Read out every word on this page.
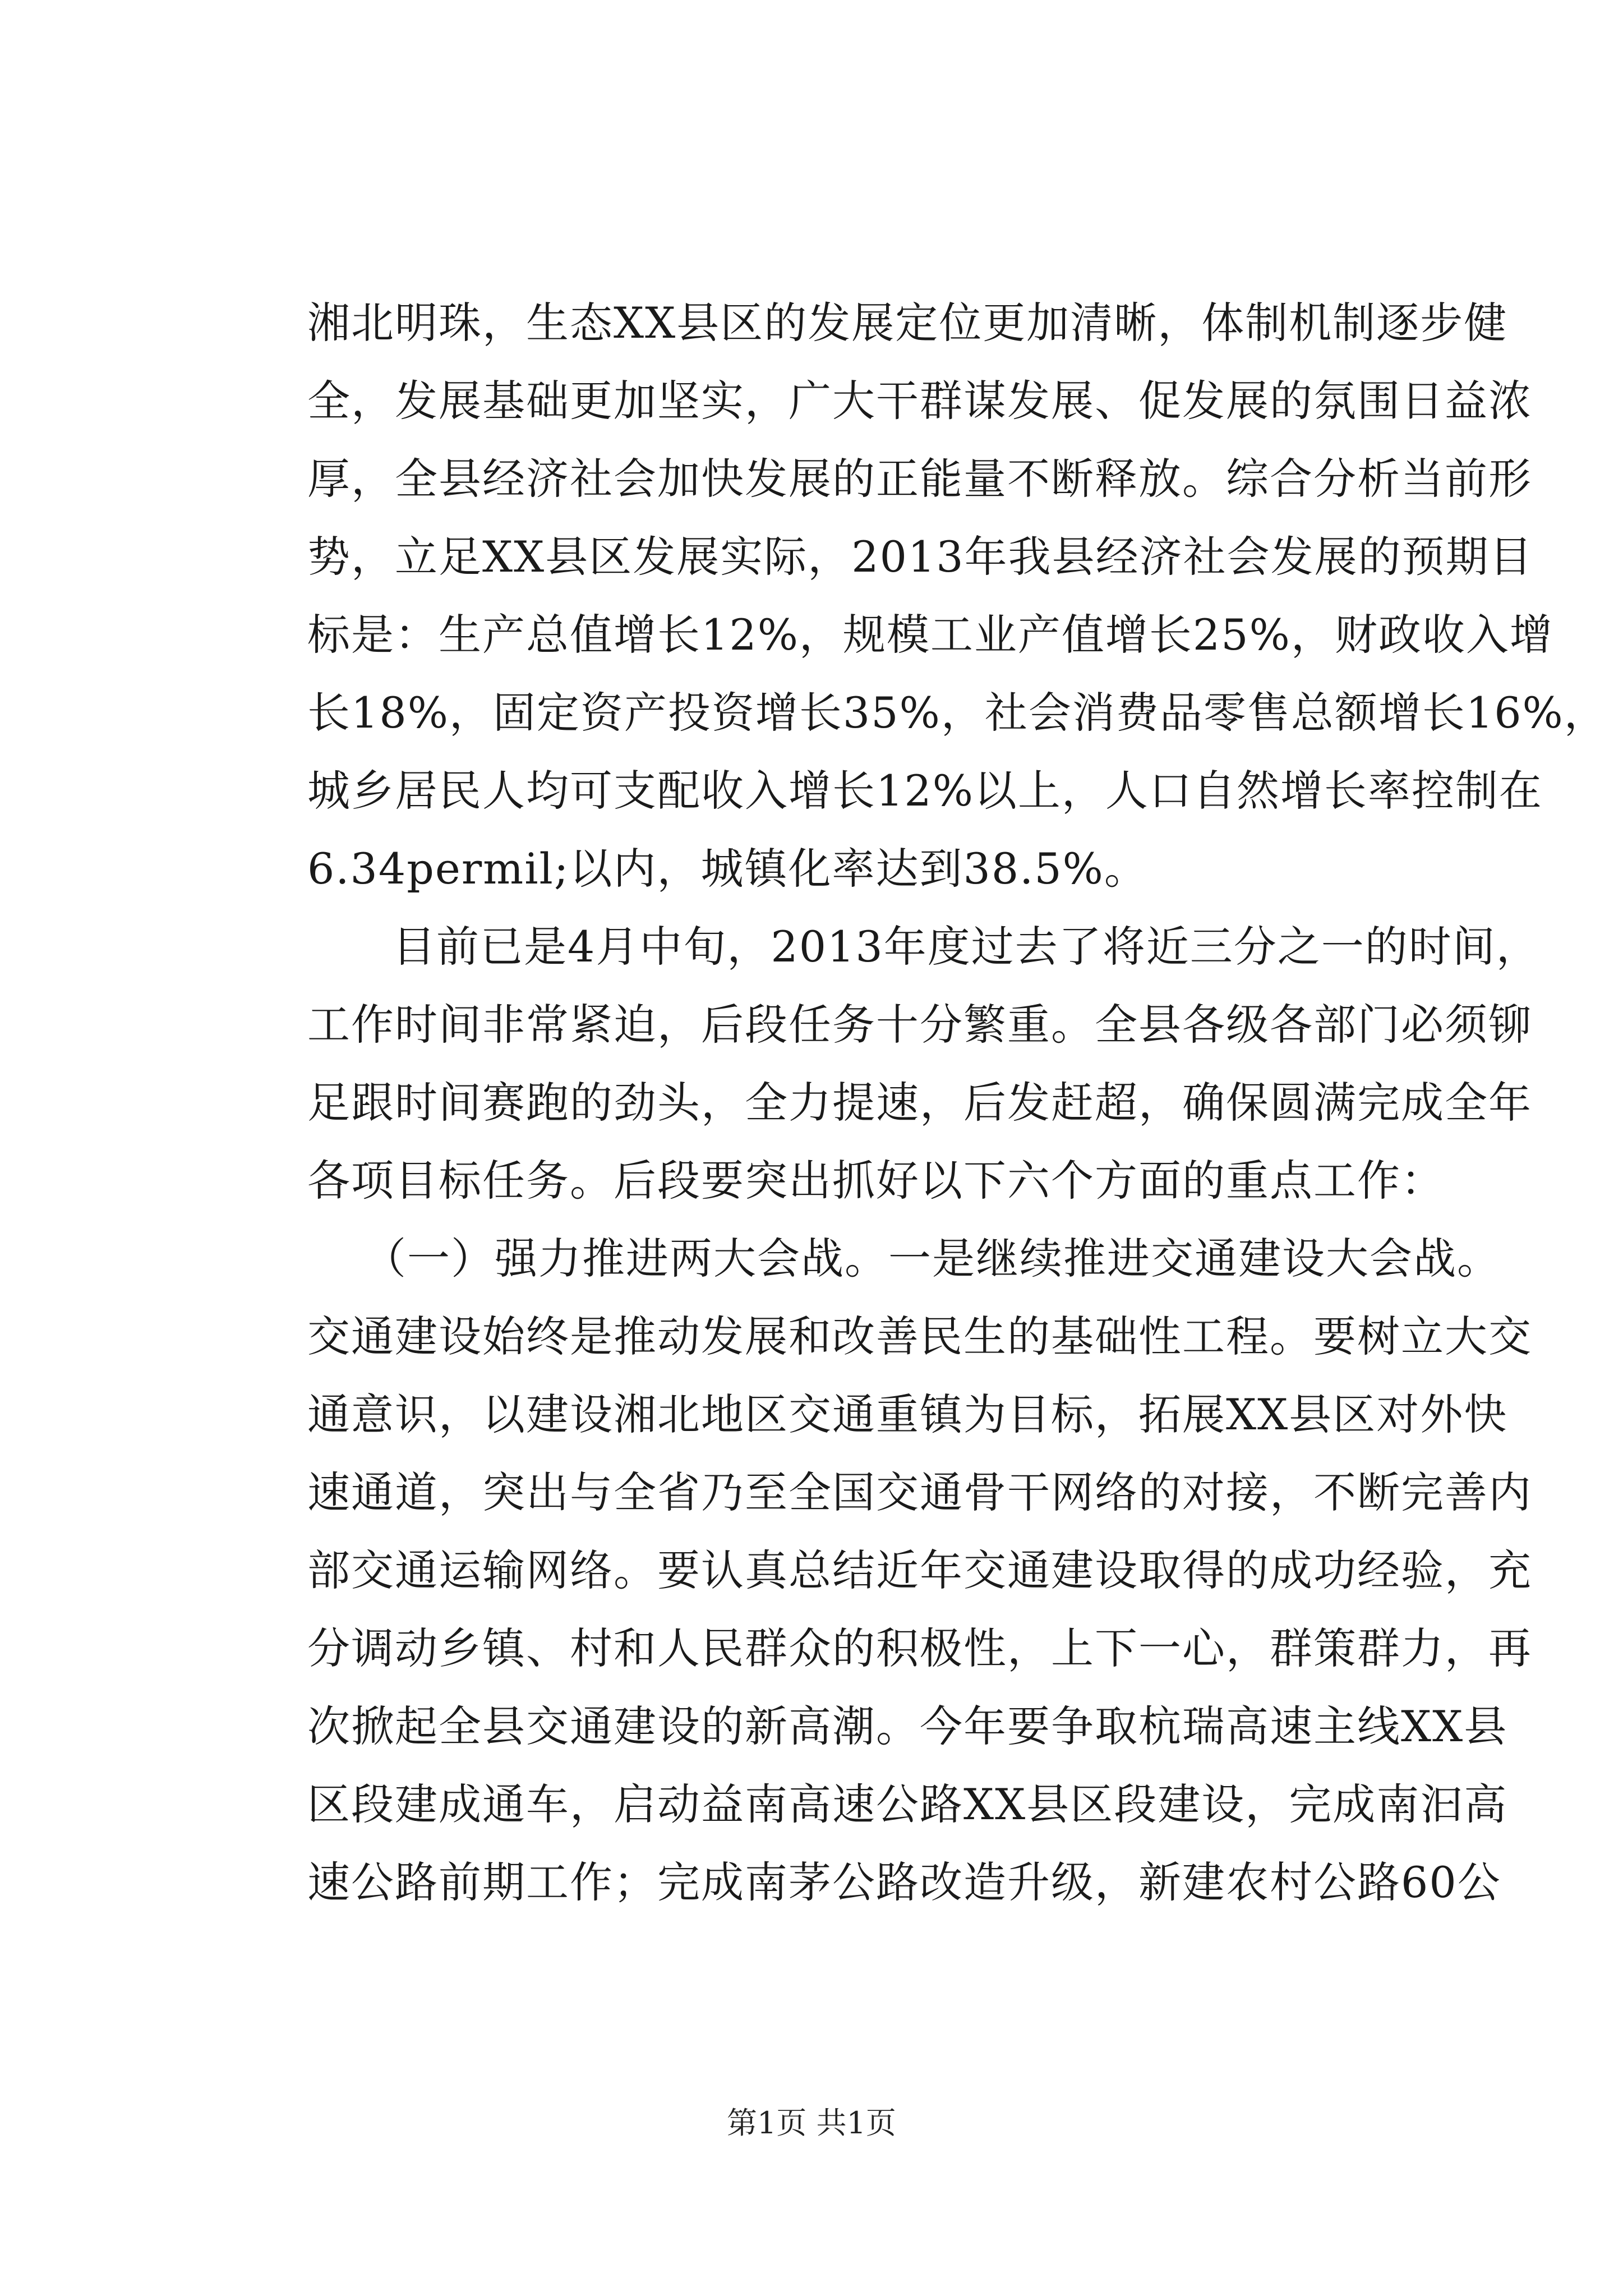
湘北明珠，生态XX县区的发展定位更加清晰，体制机制逐步健
全，发展基础更加坚实，广大干群谋发展、促发展的氛围日益浓
厚，全县经济社会加快发展的正能量不断释放。综合分析当前形
势，立足XX县区发展实际，2013年我县经济社会发展的预期目
标是：生产总值增长12%，规模工业产值增长25%，财政收入增
长18%，固定资产投资增长35%，社会消费品零售总额增长16%，
城乡居民人均可支配收入增长12%以上，人口自然增长率控制在
6.34permil;以内，城镇化率达到38.5%。
目前已是4月中旬，2013年度过去了将近三分之一的时间，
工作时间非常紧迫，后段任务十分繁重。全县各级各部门必须铆
足跟时间赛跑的劲头，全力提速，后发赶超，确保圆满完成全年
各项目标任务。后段要突出抓好以下六个方面的重点工作：
（一）强力推进两大会战。一是继续推进交通建设大会战。
交通建设始终是推动发展和改善民生的基础性工程。要树立大交
通意识，以建设湘北地区交通重镇为目标，拓展XX县区对外快
速通道，突出与全省乃至全国交通骨干网络的对接，不断完善内
部交通运输网络。要认真总结近年交通建设取得的成功经验，充
分调动乡镇、村和人民群众的积极性，上下一心，群策群力，再
次掀起全县交通建设的新高潮。今年要争取杭瑞高速主线XX县
区段建成通车，启动益南高速公路XX县区段建设，完成南汩高
速公路前期工作；完成南茅公路改造升级，新建农村公路60公
第1页 共1页
